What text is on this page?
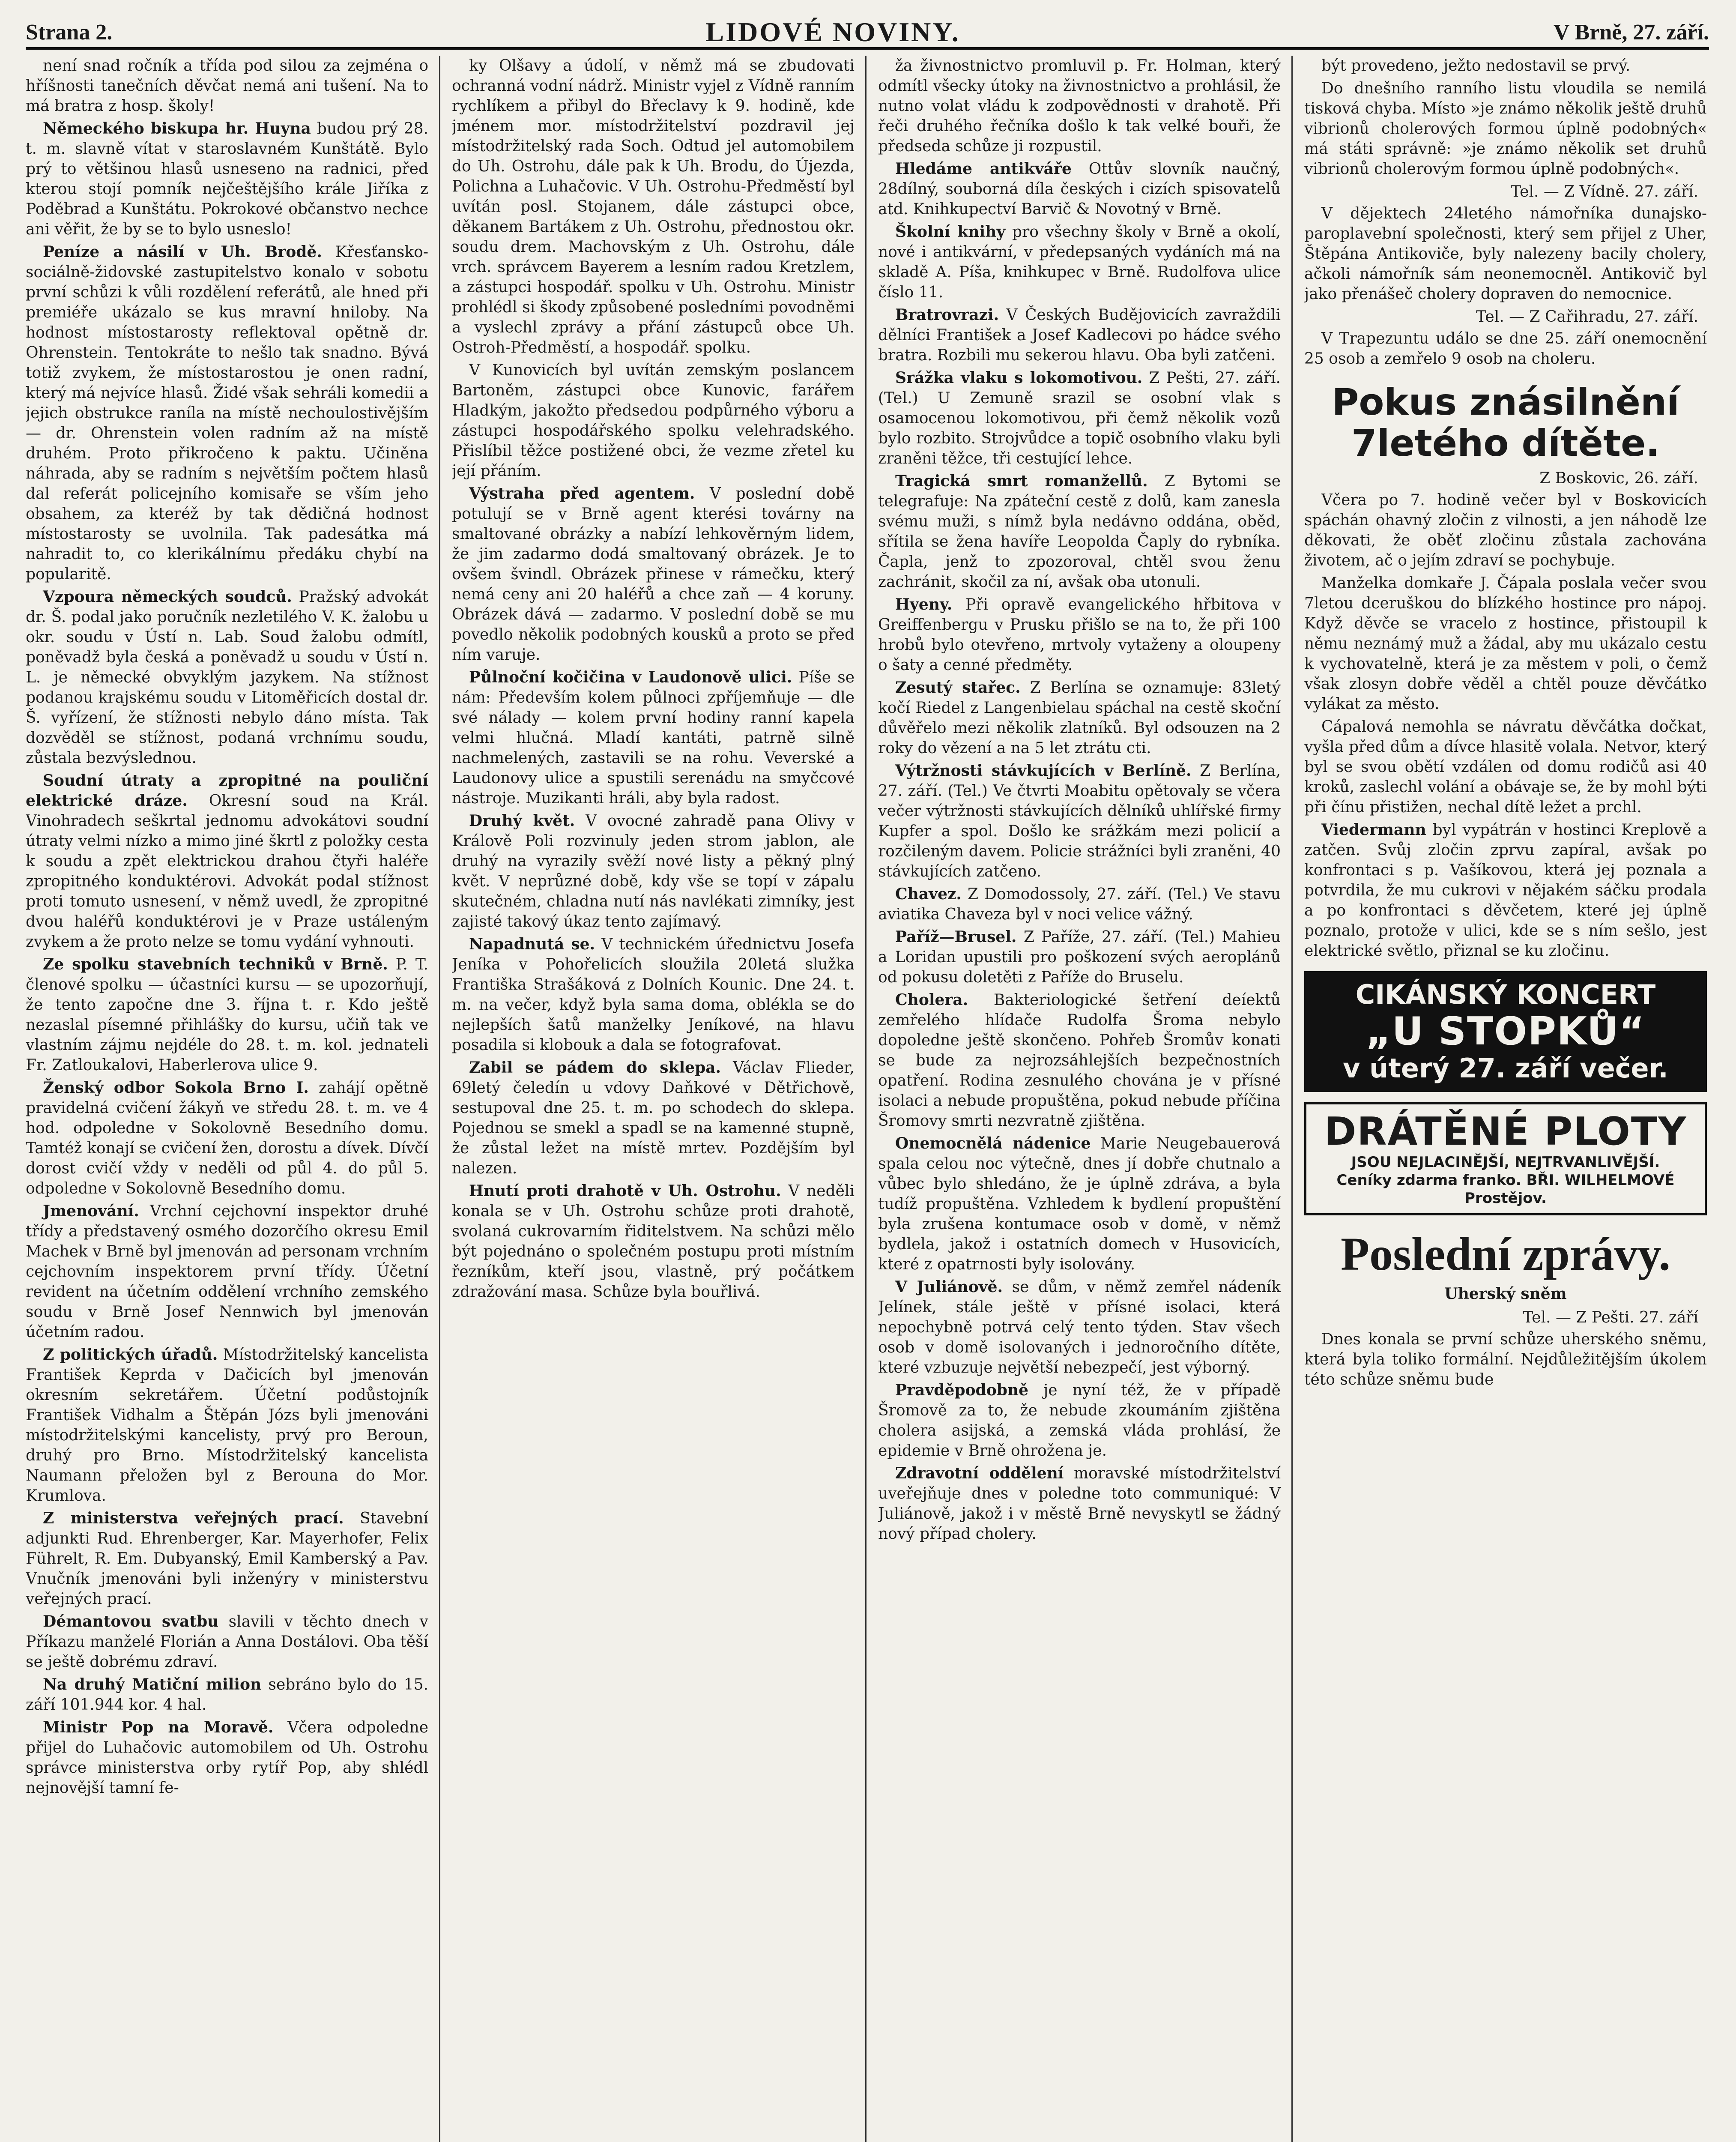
Strana 2.	LIDOVÉ NOVINY.	V Brně, 27. září.

není snad ročník a třída pod silou za zejména o hříšnosti tanečních děvčat nemá ani tušení. Na to má bratra z hosp. školy!

Německého biskupa hr. Huyna budou prý 28. t. m. slavně vítat v staroslavném Kunštátě. Bylo prý to většinou hlasů usneseno na radnici, před kterou stojí pomník nejčeštějšího krále Jiříka z Poděbrad a Kunštátu. Pokrokové občanstvo nechce ani věřit, že by se to bylo usneslo!

Peníze a násilí v Uh. Brodě. Křesťansko-sociálně-židovské zastupitelstvo konalo v sobotu první schůzi k vůli rozdělení referátů, ale hned při premiéře ukázalo se kus mravní hniloby. Na hodnost místostarosty reflektoval opětně dr. Ohrenstein. Tentokráte to nešlo tak snadno. Bývá totiž zvykem, že místostarostou je onen radní, který má nejvíce hlasů. Židé však sehráli komedii a jejich obstrukce raníla na místě nechoulostivějším — dr. Ohrenstein volen radním až na místě druhém. Proto přikročeno k paktu. Učiněna náhrada, aby se radním s největším počtem hlasů dal referát policejního komisaře se vším jeho obsahem, za kteréž by tak dědičná hodnost místostarosty se uvolnila. Tak padesátka má nahradit to, co klerikálnímu předáku chybí na popularitě.

Vzpoura německých soudců. Pražský advokát dr. Š. podal jako poručník nezletilého V. K. žalobu u okr. soudu v Ústí n. Lab. Soud žalobu odmítl, poněvadž byla česká a poněvadž u soudu v Ústí n. L. je německé obvyklým jazykem. Na stížnost podanou krajskému soudu v Litoměřicích dostal dr. Š. vyřízení, že stížnosti nebylo dáno místa. Tak dozvěděl se stížnost, podaná vrchnímu soudu, zůstala bezvýslednou.

Soudní útraty a zpropitné na pouliční elektrické dráze. Okresní soud na Král. Vinohradech seškrtal jednomu advokátovi soudní útraty velmi nízko a mimo jiné škrtl z položky cesta k soudu a zpět elektrickou drahou čtyři haléře zpropitného konduktérovi. Advokát podal stížnost proti tomuto usnesení, v němž uvedl, že zpropitné dvou haléřů konduktérovi je v Praze ustáleným zvykem a že proto nelze se tomu vydání vyhnouti.

Ze spolku stavebních techniků v Brně. P. T. členové spolku — účastníci kursu — se upozorňují, že tento započne dne 3. října t. r. Kdo ještě nezaslal písemné přihlášky do kursu, učiň tak ve vlastním zájmu nejdéle do 28. t. m. kol. jednateli Fr. Zatloukalovi, Haberlerova ulice 9.

Ženský odbor Sokola Brno I. zahájí opětně pravidelná cvičení žákyň ve středu 28. t. m. ve 4 hod. odpoledne v Sokolovně Besedního domu. Tamtéž konají se cvičení žen, dorostu a dívek. Dívčí dorost cvičí vždy v neděli od půl 4. do půl 5. odpoledne v Sokolovně Besedního domu.

Jmenování. Vrchní cejchovní inspektor druhé třídy a představený osmého dozorčího okresu Emil Machek v Brně byl jmenován ad personam vrchním cejchovním inspektorem první třídy. Účetní revident na účetním oddělení vrchního zemského soudu v Brně Josef Nennwich byl jmenován účetním radou.

Z politických úřadů. Místodržitelský kancelista František Keprda v Dačicích byl jmenován okresním sekretářem. Účetní podůstojník František Vidhalm a Štěpán Józs byli jmenováni místodržitelskými kancelisty, prvý pro Beroun, druhý pro Brno. Místodržitelský kancelista Naumann přeložen byl z Berouna do Mor. Krumlova.

Z ministerstva veřejných prací. Stavební adjunkti Rud. Ehrenberger, Kar. Mayerhofer, Felix Führelt, R. Em. Dubyanský, Emil Kamberský a Pav. Vnučník jmenováni byli inženýry v ministerstvu veřejných prací.

Démantovou svatbu slavili v těchto dnech v Příkazu manželé Florián a Anna Dostálovi. Oba těší se ještě dobrému zdraví.

Na druhý Matiční milion sebráno bylo do 15. září 101.944 kor. 4 hal.

Ministr Pop na Moravě. Včera odpoledne přijel do Luhačovic automobilem od Uh. Ostrohu správce ministerstva orby rytíř Pop, aby shlédl nejnovější tamní fe-

ky Olšavy a údolí, v němž má se zbudovati ochranná vodní nádrž. Ministr vyjel z Vídně ranním rychlíkem a přibyl do Břeclavy k 9. hodině, kde jménem mor. místodržitelství pozdravil jej místodržitelský rada Soch. Odtud jel automobilem do Uh. Ostrohu, dále pak k Uh. Brodu, do Újezda, Polichna a Luhačovic. V Uh. Ostrohu-Předměstí byl uvítán posl. Stojanem, dále zástupci obce, děkanem Bartákem z Uh. Ostrohu, přednostou okr. soudu drem. Machovským z Uh. Ostrohu, dále vrch. správcem Bayerem a lesním radou Kretzlem, a zástupci hospodář. spolku v Uh. Ostrohu. Ministr prohlédl si škody způsobené posledními povodněmi a vyslechl zprávy a přání zástupců obce Uh. Ostroh-Předměstí, a hospodář. spolku.

V Kunovicích byl uvítán zemským poslancem Bartoněm, zástupci obce Kunovic, farářem Hladkým, jakožto předsedou podpůrného výboru a zástupci hospodářského spolku velehradského. Přislíbil těžce postižené obci, že vezme zřetel ku její přáním.

Výstraha před agentem. V poslední době potulují se v Brně agent kterési továrny na smaltované obrázky a nabízí lehkověrným lidem, že jim zadarmo dodá smaltovaný obrázek. Je to ovšem švindl. Obrázek přinese v rámečku, který nemá ceny ani 20 haléřů a chce zaň — 4 koruny. Obrázek dává — zadarmo. V poslední době se mu povedlo několik podobných kousků a proto se před ním varuje.

Půlnoční kočičina v Laudonově ulici. Píše se nám: Především kolem půlnoci zpříjemňuje — dle své nálady — kolem první hodiny ranní kapela velmi hlučná. Mladí kantáti, patrně silně nachmelených, zastavili se na rohu. Veverské a Laudonovy ulice a spustili serenádu na smyčcové nástroje. Muzikanti hráli, aby byla radost.

Druhý květ. V ovocné zahradě pana Olivy v Králově Poli rozvinuly jeden strom jablon, ale druhý na vyrazily svěží nové listy a pěkný plný květ. V neprůzné době, kdy vše se topí v zápalu skutečném, chladna nutí nás navlékati zimníky, jest zajisté takový úkaz tento zajímavý.

Napadnutá se. V technickém úřednictvu Josefa Jeníka v Pohořelicích sloužila 20letá služka Františka Strašáková z Dolních Kounic. Dne 24. t. m. na večer, když byla sama doma, oblékla se do nejlepších šatů manželky Jeníkové, na hlavu posadila si klobouk a dala se fotografovat.

Zabil se pádem do sklepa. Václav Flieder, 69letý čeledín u vdovy Daňkové v Dětřichově, sestupoval dne 25. t. m. po schodech do sklepa. Pojednou se smekl a spadl se na kamenné stupně, že zůstal ležet na místě mrtev. Pozdějším byl nalezen.

Hnutí proti drahotě v Uh. Ostrohu. V neděli konala se v Uh. Ostrohu schůze proti drahotě, svolaná cukrovarním řiditelstvem. Na schůzi mělo být pojednáno o společném postupu proti místním řezníkům, kteří jsou, vlastně, prý počátkem zdražování masa. Schůze byla bouřlivá.

ža živnostnictvo promluvil p. Fr. Holman, který odmítl všecky útoky na živnostnictvo a prohlásil, že nutno volat vládu k zodpovědnosti v drahotě. Při řeči druhého řečníka došlo k tak velké bouři, že předseda schůze ji rozpustil.

Hledáme antikváře Ottův slovník naučný, 28dílný, souborná díla českých i cizích spisovatelů atd. Knihkupectví Barvič & Novotný v Brně.

Školní knihy pro všechny školy v Brně a okolí, nové i antikvární, v předepsaných vydáních má na skladě A. Píša, knihkupec v Brně. Rudolfova ulice číslo 11.

Bratrovrazi. V Českých Budějovicích zavraždili dělníci František a Josef Kadlecovi po hádce svého bratra. Rozbili mu sekerou hlavu. Oba byli zatčeni.

Srážka vlaku s lokomotivou. Z Pešti, 27. září. (Tel.) U Zemuně srazil se osobní vlak s osamocenou lokomotivou, při čemž několik vozů bylo rozbito. Strojvůdce a topič osobního vlaku byli zraněni těžce, tři cestující lehce.

Tragická smrt romanžellů. Z Bytomi se telegrafuje: Na zpáteční cestě z dolů, kam zanesla svému muži, s nímž byla nedávno oddána, oběd, sřítila se žena havíře Leopolda Čaply do rybníka. Čapla, jenž to zpozoroval, chtěl svou ženu zachránit, skočil za ní, avšak oba utonuli.

Hyeny. Při opravě evangelického hřbitova v Greiffenbergu v Prusku přišlo se na to, že při 100 hrobů bylo otevřeno, mrtvoly vytaženy a oloupeny o šaty a cenné předměty.

Zesutý stařec. Z Berlína se oznamuje: 83letý kočí Riedel z Langenbielau spáchal na cestě skoční důvěřelo mezi několik zlatníků. Byl odsouzen na 2 roky do vězení a na 5 let ztrátu cti.

Výtržnosti stávkujících v Berlíně. Z Berlína, 27. září. (Tel.) Ve čtvrti Moabitu opětovaly se včera večer výtržnosti stávkujících dělníků uhlířské firmy Kupfer a spol. Došlo ke srážkám mezi policií a rozčileným davem. Policie strážníci byli zraněni, 40 stávkujících zatčeno.

Chavez. Z Domodossoly, 27. září. (Tel.) Ve stavu aviatika Chaveza byl v noci velice vážný.

Paříž—Brusel. Z Paříže, 27. září. (Tel.) Mahieu a Loridan upustili pro poškození svých aeroplánů od pokusu doletěti z Paříže do Bruselu.

Cholera. Bakteriologické šetření deíektů zemřelého hlídače Rudolfa Šroma nebylo dopoledne ještě skončeno. Pohřeb Šromův konati se bude za nejrozsáhlejších bezpečnostních opatření. Rodina zesnulého chována je v přísné isolaci a nebude propuštěna, pokud nebude příčina Šromovy smrti nezvratně zjištěna.

Onemocnělá nádenice Marie Neugebauerová spala celou noc výtečně, dnes jí dobře chutnalo a vůbec bylo shledáno, že je úplně zdráva, a byla tudíž propuštěna. Vzhledem k bydlení propuštění byla zrušena kontumace osob v domě, v němž bydlela, jakož i ostatních domech v Husovicích, které z opatrnosti byly isolovány.

V Juliánově. se dům, v němž zemřel nádeník Jelínek, stále ještě v přísné isolaci, která nepochybně potrvá celý tento týden. Stav všech osob v domě isolovaných i jednoročního dítěte, které vzbuzuje největší nebezpečí, jest výborný.

Pravděpodobně je nyní též, že v případě Šromově za to, že nebude zkoumáním zjištěna cholera asijská, a zemská vláda prohlásí, že epidemie v Brně ohrožena je.

Zdravotní oddělení moravské místodržitelství uveřejňuje dnes v poledne toto communiqué: V Juliánově, jakož i v městě Brně nevyskytl se žádný nový případ cholery.

být provedeno, ježto nedostavil se prvý.

Do dnešního ranního listu vloudila se nemilá tisková chyba. Místo »je známo několik ještě druhů vibrionů cholerových formou úplně podobných« má státi správně: »je známo několik set druhů vibrionů cholerovým formou úplně podobných«.

Tel. — Z Vídně. 27. září.

V dějektech 24letého námořníka dunajsko-paroplavební společnosti, který sem přijel z Uher, Štěpána Antikoviče, byly nalezeny bacily cholery, ačkoli námořník sám neonemocněl. Antikovič byl jako přenášeč cholery dopraven do nemocnice.

Tel. — Z Cařihradu, 27. září.

V Trapezuntu událo se dne 25. září onemocnění 25 osob a zemřelo 9 osob na choleru.

Pokus znásilnění 7letého dítěte.
Z Boskovic, 26. září.

Včera po 7. hodině večer byl v Boskovicích spáchán ohavný zločin z vilnosti, a jen náhodě lze děkovati, že oběť zločinu zůstala zachována životem, ač o jejím zdraví se pochybuje.

Manželka domkaře J. Čápala poslala večer svou 7letou dceruškou do blízkého hostince pro nápoj. Když děvče se vracelo z hostince, přistoupil k němu neznámý muž a žádal, aby mu ukázalo cestu k vychovatelně, která je za městem v poli, o čemž však zlosyn dobře věděl a chtěl pouze děvčátko vylákat za město.

Cápalová nemohla se návratu děvčátka dočkat, vyšla před dům a dívce hlasitě volala. Netvor, který byl se svou obětí vzdálen od domu rodičů asi 40 kroků, zaslechl volání a obávaje se, že by mohl býti při čínu přistižen, nechal dítě ležet a prchl.

Viedermann byl vypátrán v hostinci Kreplově a zatčen. Svůj zločin zprvu zapíral, avšak po konfrontaci s p. Vašíkovou, která jej poznala a potvrdila, že mu cukrovi v nějakém sáčku prodala a po konfrontaci s děvčetem, které jej úplně poznalo, protože v ulici, kde se s ním sešlo, jest elektrické světlo, přiznal se ku zločinu.

CIKÁNSKÝ KONCERT
„U STOPKŮ“
v úterý 27. září večer.
DRÁTĚNÉ PLOTY
JSOU NEJLACINĚJŠÍ, NEJTRVANLIVĚJŠÍ.
Ceníky zdarma franko. BŘI. WILHELMOVÉ Prostějov.
Poslední zprávy.
Uherský sněm
Tel. — Z Pešti. 27. září

Dnes konala se první schůze uherského sněmu, která byla toliko formální. Nejdůležitějším úkolem této schůze sněmu bude
